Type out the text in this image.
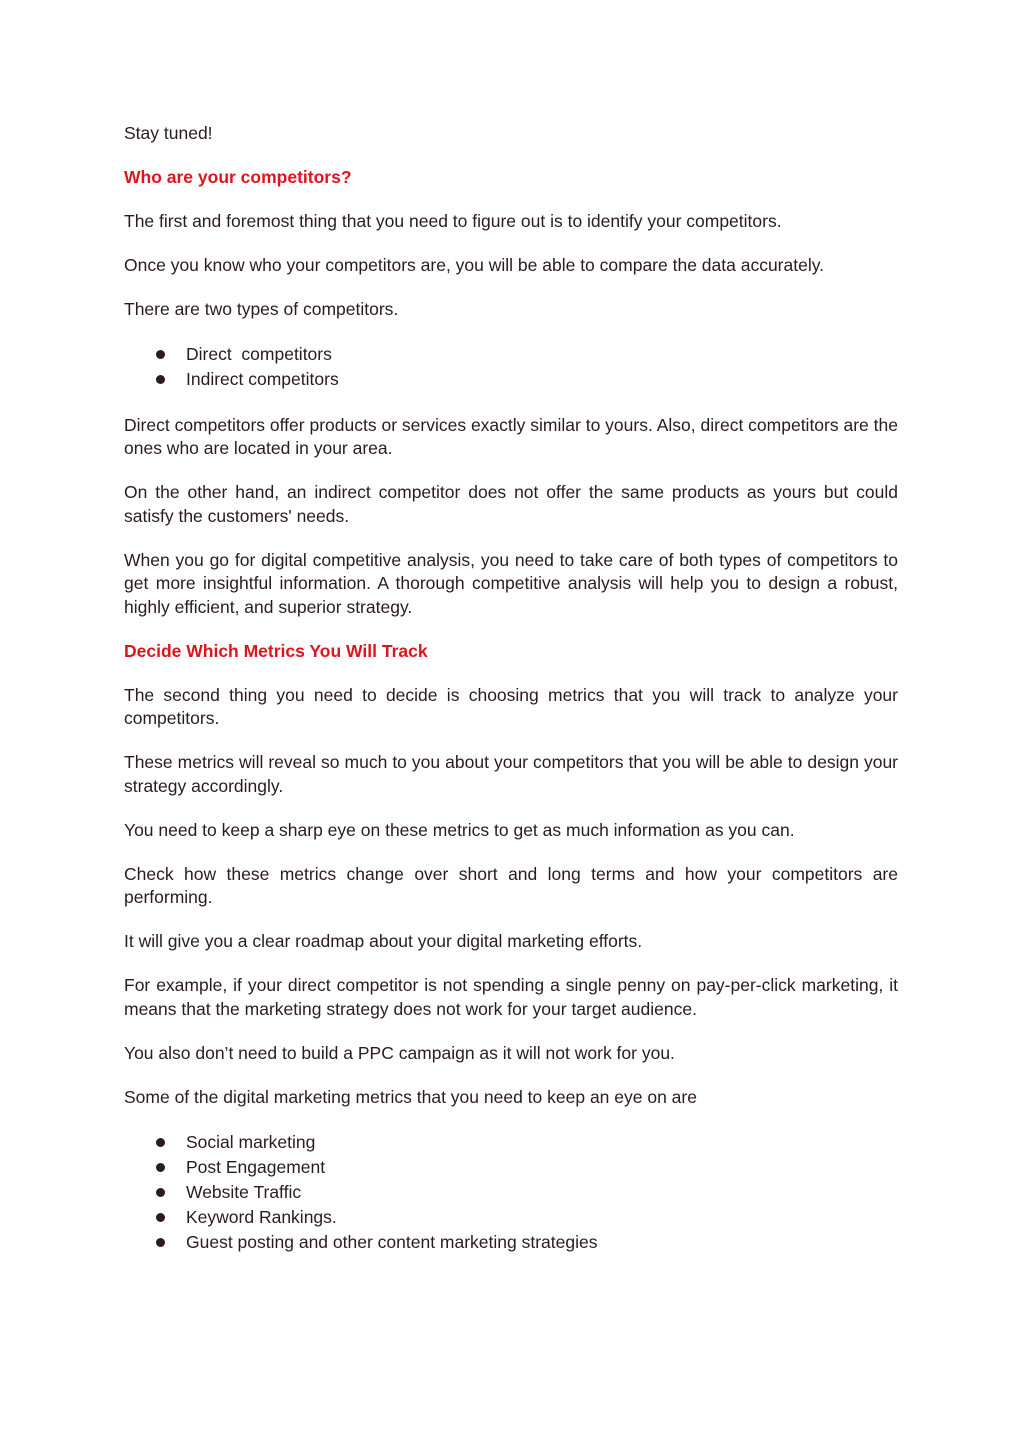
Stay tuned!

Who are your competitors?

The first and foremost thing that you need to figure out is to identify your competitors.

Once you know who your competitors are, you will be able to compare the data accurately.

There are two types of competitors.

Direct  competitors
Indirect competitors

Direct competitors offer products or services exactly similar to yours. Also, direct competitors are the ones who are located in your area.

On the other hand, an indirect competitor does not offer the same products as yours but could satisfy the customers' needs.

When you go for digital competitive analysis, you need to take care of both types of competitors to get more insightful information. A thorough competitive analysis will help you to design a robust, highly efficient, and superior strategy.

Decide Which Metrics You Will Track

The second thing you need to decide is choosing metrics that you will track to analyze your competitors.

These metrics will reveal so much to you about your competitors that you will be able to design your strategy accordingly.

You need to keep a sharp eye on these metrics to get as much information as you can.

Check how these metrics change over short and long terms and how your competitors are performing.

It will give you a clear roadmap about your digital marketing efforts.

For example, if your direct competitor is not spending a single penny on pay-per-click marketing, it means that the marketing strategy does not work for your target audience.

You also don’t need to build a PPC campaign as it will not work for you.

Some of the digital marketing metrics that you need to keep an eye on are

Social marketing
Post Engagement
Website Traffic
Keyword Rankings.
Guest posting and other content marketing strategies
